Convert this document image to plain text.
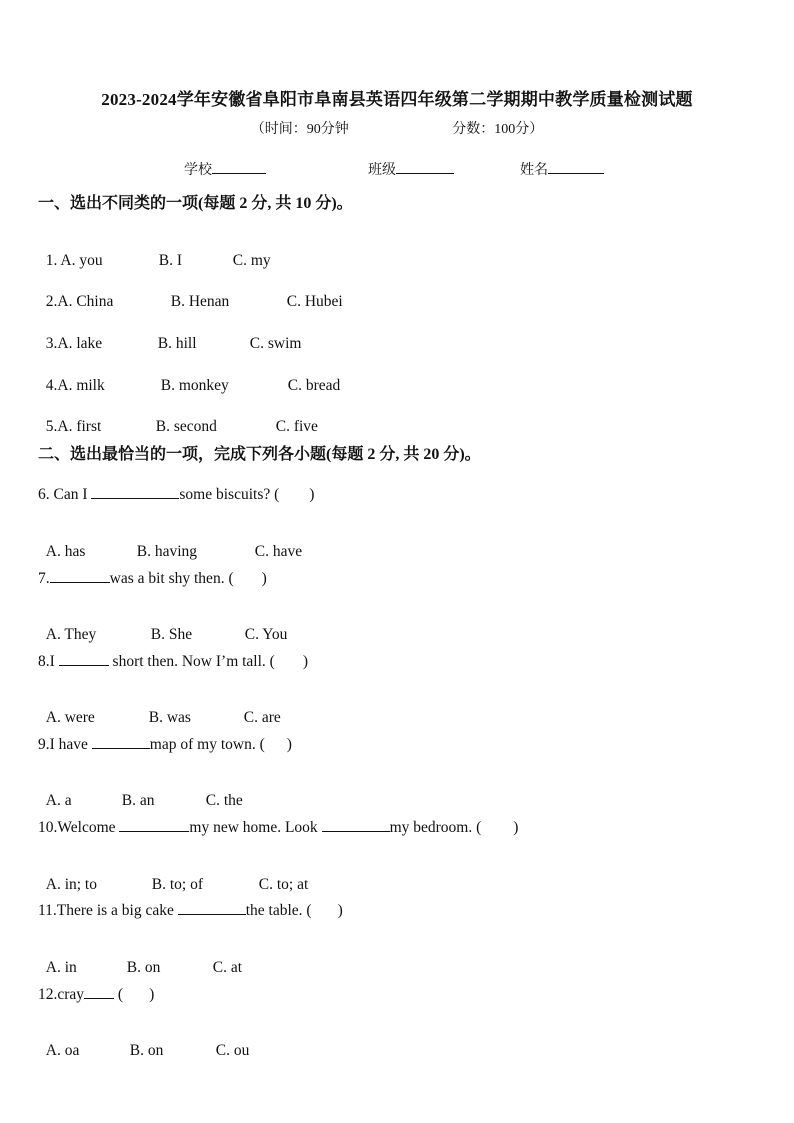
2023-2024学年安徽省阜阳市阜南县英语四年级第二学期期中教学质量检测试题
（时间：90分钟	分数：100分）
学校	班级	姓名
一、选出不同类的一项(每题 2 分, 共 10 分)。

1. A. you	B. I	C. my

2.A. China	B. Henan	C. Hubei

3.A. lake	B. hill	C. swim

4.A. milk	B. monkey	C. bread

5.A. first	B. second	C. five

二、选出最恰当的一项，完成下列各小题(每题 2 分, 共 20 分)。
6. Can I	some biscuits? ( )

A. has	B. having	C. have

7.	was a bit shy then. ( )

A. They	B. She	C. You

8.I	short then. Now I’m tall. ( )

A. were	B. was	C. are

9.I have	map of my town. ( )

A. a	B. an	C. the

10.Welcome	my new home. Look	my bedroom. ( )

A. in; to	B. to; of	C. to; at

11.There is a big cake	the table. ( )

A. in	B. on	C. at

12.cray ( )

A. oa	B. on	C. ou
